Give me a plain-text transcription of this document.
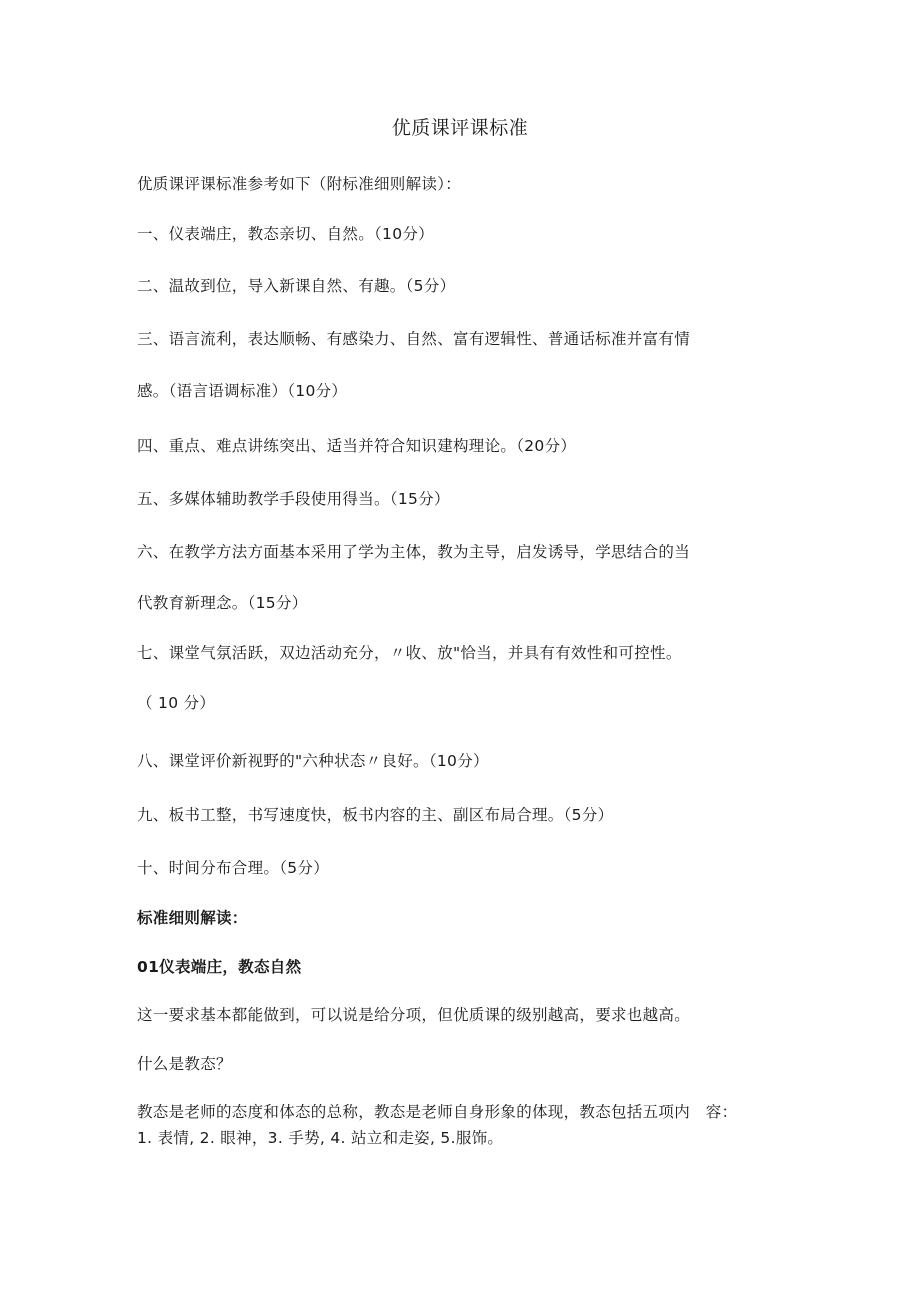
优质课评课标准
优质课评课标准参考如下（附标准细则解读）：
一、仪表端庄，教态亲切、自然。（10分）
二、温故到位，导入新课自然、有趣。（5分）
三、语言流利，表达顺畅、有感染力、自然、富有逻辑性、普通话标准并富有情
感。（语言语调标准）（10分）
四、重点、难点讲练突出、适当并符合知识建构理论。（20分）
五、多媒体辅助教学手段使用得当。（15分）
六、在教学方法方面基本采用了学为主体，教为主导，启发诱导，学思结合的当
代教育新理念。（15分）
七、课堂气氛活跃，双边活动充分，〃收、放"恰当，并具有有效性和可控性。
（ 10 分）
八、课堂评价新视野的"六种状态〃良好。（10分）
九、板书工整，书写速度快，板书内容的主、副区布局合理。（5分）
十、时间分布合理。（5分）
标准细则解读：
01仪表端庄，教态自然
这一要求基本都能做到，可以说是给分项，但优质课的级别越高，要求也越高。
什么是教态？
教态是老师的态度和体态的总称，教态是老师自身形象的体现，教态包括五项内　容：
1. 表情, 2. 眼神，3. 手势, 4. 站立和走姿, 5.服饰。
